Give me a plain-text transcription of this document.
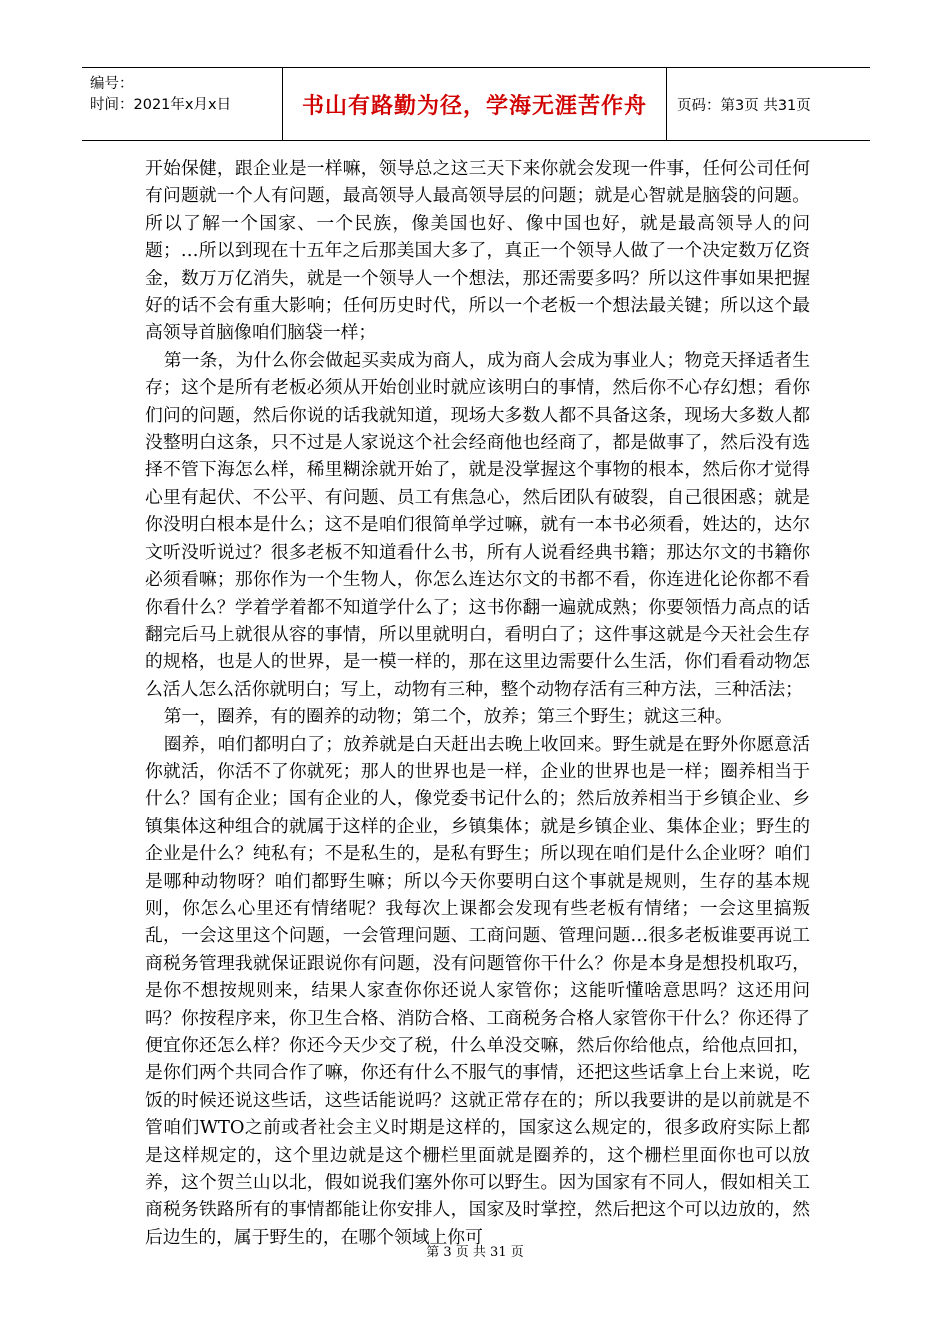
编号：
时间：2021年x月x日	书山有路勤为径，学海无涯苦作舟 页码：第3页 共31页

开始保健，跟企业是一样嘛，领导总之这三天下来你就会发现一件事，任何公司任何有问题就一个人有问题，最高领导人最高领导层的问题；就是心智就是脑袋的问题。所以了解一个国家、一个民族，像美国也好、像中国也好，就是最高领导人的问题；…所以到现在十五年之后那美国大多了，真正一个领导人做了一个决定数万亿资金，数万万亿消失，就是一个领导人一个想法，那还需要多吗？所以这件事如果把握好的话不会有重大影响；任何历史时代，所以一个老板一个想法最关键；所以这个最高领导首脑像咱们脑袋一样；

第一条，为什么你会做起买卖成为商人，成为商人会成为事业人；物竞天择适者生存；这个是所有老板必须从开始创业时就应该明白的事情，然后你不心存幻想；看你们问的问题，然后你说的话我就知道，现场大多数人都不具备这条，现场大多数人都没整明白这条，只不过是人家说这个社会经商他也经商了，都是做事了，然后没有选择不管下海怎么样，稀里糊涂就开始了，就是没掌握这个事物的根本，然后你才觉得心里有起伏、不公平、有问题、员工有焦急心，然后团队有破裂，自己很困惑；就是你没明白根本是什么；这不是咱们很简单学过嘛，就有一本书必须看，姓达的，达尔文听没听说过？很多老板不知道看什么书，所有人说看经典书籍；那达尔文的书籍你必须看嘛；那你作为一个生物人，你怎么连达尔文的书都不看，你连进化论你都不看你看什么？学着学着都不知道学什么了；这书你翻一遍就成熟；你要领悟力高点的话翻完后马上就很从容的事情，所以里就明白，看明白了；这件事这就是今天社会生存的规格，也是人的世界，是一模一样的，那在这里边需要什么生活，你们看看动物怎么活人怎么活你就明白；写上，动物有三种，整个动物存活有三种方法，三种活法；

第一，圈养，有的圈养的动物；第二个，放养；第三个野生；就这三种。

圈养，咱们都明白了；放养就是白天赶出去晚上收回来。野生就是在野外你愿意活你就活，你活不了你就死；那人的世界也是一样，企业的世界也是一样；圈养相当于什么？国有企业；国有企业的人，像党委书记什么的；然后放养相当于乡镇企业、乡镇集体这种组合的就属于这样的企业，乡镇集体；就是乡镇企业、集体企业；野生的企业是什么？纯私有；不是私生的，是私有野生；所以现在咱们是什么企业呀？咱们是哪种动物呀？咱们都野生嘛；所以今天你要明白这个事就是规则，生存的基本规则，你怎么心里还有情绪呢？我每次上课都会发现有些老板有情绪；一会这里搞叛乱，一会这里这个问题，一会管理问题、工商问题、管理问题…很多老板谁要再说工商税务管理我就保证跟说你有问题，没有问题管你干什么？你是本身是想投机取巧，是你不想按规则来，结果人家查你你还说人家管你；这能听懂啥意思吗？这还用问吗？你按程序来，你卫生合格、消防合格、工商税务合格人家管你干什么？你还得了便宜你还怎么样？你还今天少交了税，什么单没交嘛，然后你给他点，给他点回扣，是你们两个共同合作了嘛，你还有什么不服气的事情，还把这些话拿上台上来说，吃饭的时候还说这些话，这些话能说吗？这就正常存在的；所以我要讲的是以前就是不管咱们WTO之前或者社会主义时期是这样的，国家这么规定的，很多政府实际上都是这样规定的，这个里边就是这个栅栏里面就是圈养的，这个栅栏里面你也可以放养，这个贺兰山以北，假如说我们塞外你可以野生。因为国家有不同人，假如相关工商税务铁路所有的事情都能让你安排人，国家及时掌控，然后把这个可以边放的，然后边生的，属于野生的，在哪个领域上你可

第 3 页 共 31 页
